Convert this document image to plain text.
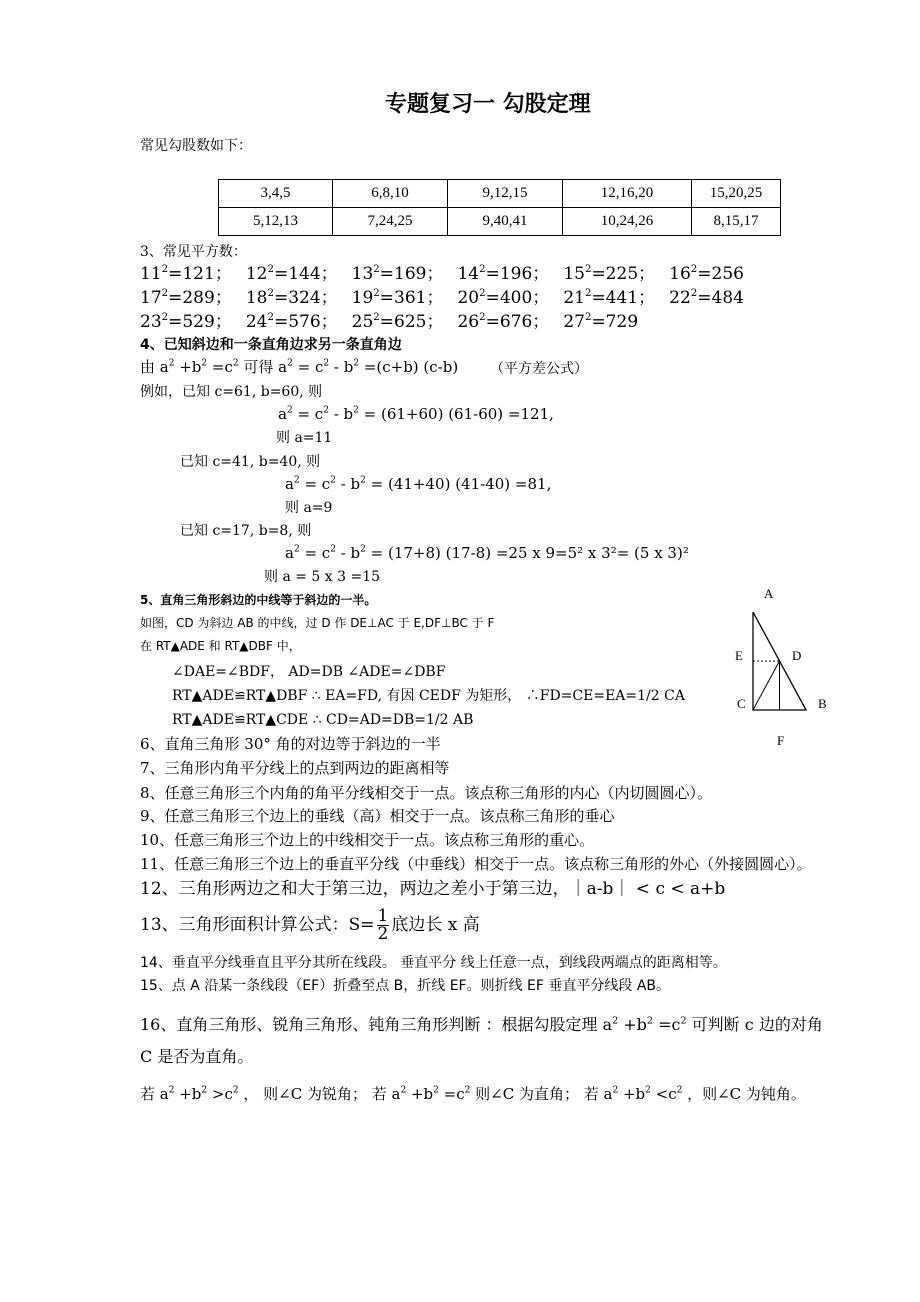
专题复习一 勾股定理
常见勾股数如下：
3,4,5	6,8,10	9,12,15	12,16,20	15,20,25
5,12,13	7,24,25	9,40,41	10,24,26	8,15,17
3、常见平方数：
$11^2=121$； $12^2=144$； $13^2=169$； $14^2=196$； $15^2=225$； $16^2=256$
$17^2=289$； $18^2=324$； $19^2=361$； $20^2=400$； $21^2=441$； $22^2=484$
$23^2=529$； $24^2=576$； $25^2=625$； $26^2=676$； $27^2=729$
4、已知斜边和一条直角边求另一条直角边
由 $a^2 +b^2 =c^2$ 可得 $a^2 = c^2 - b^2 =(c+b)$ (c-b) （平方差公式）
例如，已知 c=61, b=60, 则
$a^2 = c^2 - b^2 = (61+60)$ (61-60) =121,
则 a=11
已知 c=41, b=40, 则
$a^2 = c^2 - b^2 = (41+40)$ (41-40) =81,
则 a=9
已知 c=17, b=8, 则
$a^2 = c^2 - b^2 = (17+8)$ (17-8) =25 x 9=5² x 3²= (5 x 3)²
则 a = 5 x 3 =15
5、直角三角形斜边的中线等于斜边的一半。
如图，CD 为斜边 AB 的中线，过 D 作 DE⊥AC 于 E,DF⊥BC 于 F
在 RT▲ADE 和 RT▲DBF 中，
∠DAE=∠BDF， AD=DB ∠ADE=∠DBF
RT▲ADE≌RT▲DBF ∴ EA=FD, 有因 CEDF 为矩形， ∴FD=CE=EA=1/2 CA
RT▲ADE≌RT▲CDE ∴ CD=AD=DB=1/2 AB
A
E	D
C	B
F
6、直角三角形 30° 角的对边等于斜边的一半
7、三角形内角平分线上的点到两边的距离相等
8、任意三角形三个内角的角平分线相交于一点。该点称三角形的内心（内切圆圆心）。
9、任意三角形三个边上的垂线（高）相交于一点。该点称三角形的垂心
10、任意三角形三个边上的中线相交于一点。该点称三角形的重心。
11、任意三角形三个边上的垂直平分线（中垂线）相交于一点。该点称三角形的外心（外接圆圆心）。
12、三角形两边之和大于第三边，两边之差小于第三边，｜a-b｜ < c < a+b
13、三角形面积计算公式：$S= \frac{1}{2}$ 底边长 x 高
14、垂直平分线垂直且平分其所在线段。 垂直平分 线上任意一点，到线段两端点的距离相等。
15、点 A 沿某一条线段（EF）折叠至点 B，折线 EF。则折线 EF 垂直平分线段 AB。
16、直角三角形、锐角三角形、钝角三角形判断 ：根据勾股定理 $a^2 +b^2 =c^2$ 可判断 c 边的对角
C 是否为直角。
若 $a^2 +b^2 >c^2$ ， 则∠C 为锐角； 若 $a^2 +b^2 =c^2$ 则∠C 为直角； 若 $a^2 +b^2 <c^2$ ，则∠C 为钝角。
